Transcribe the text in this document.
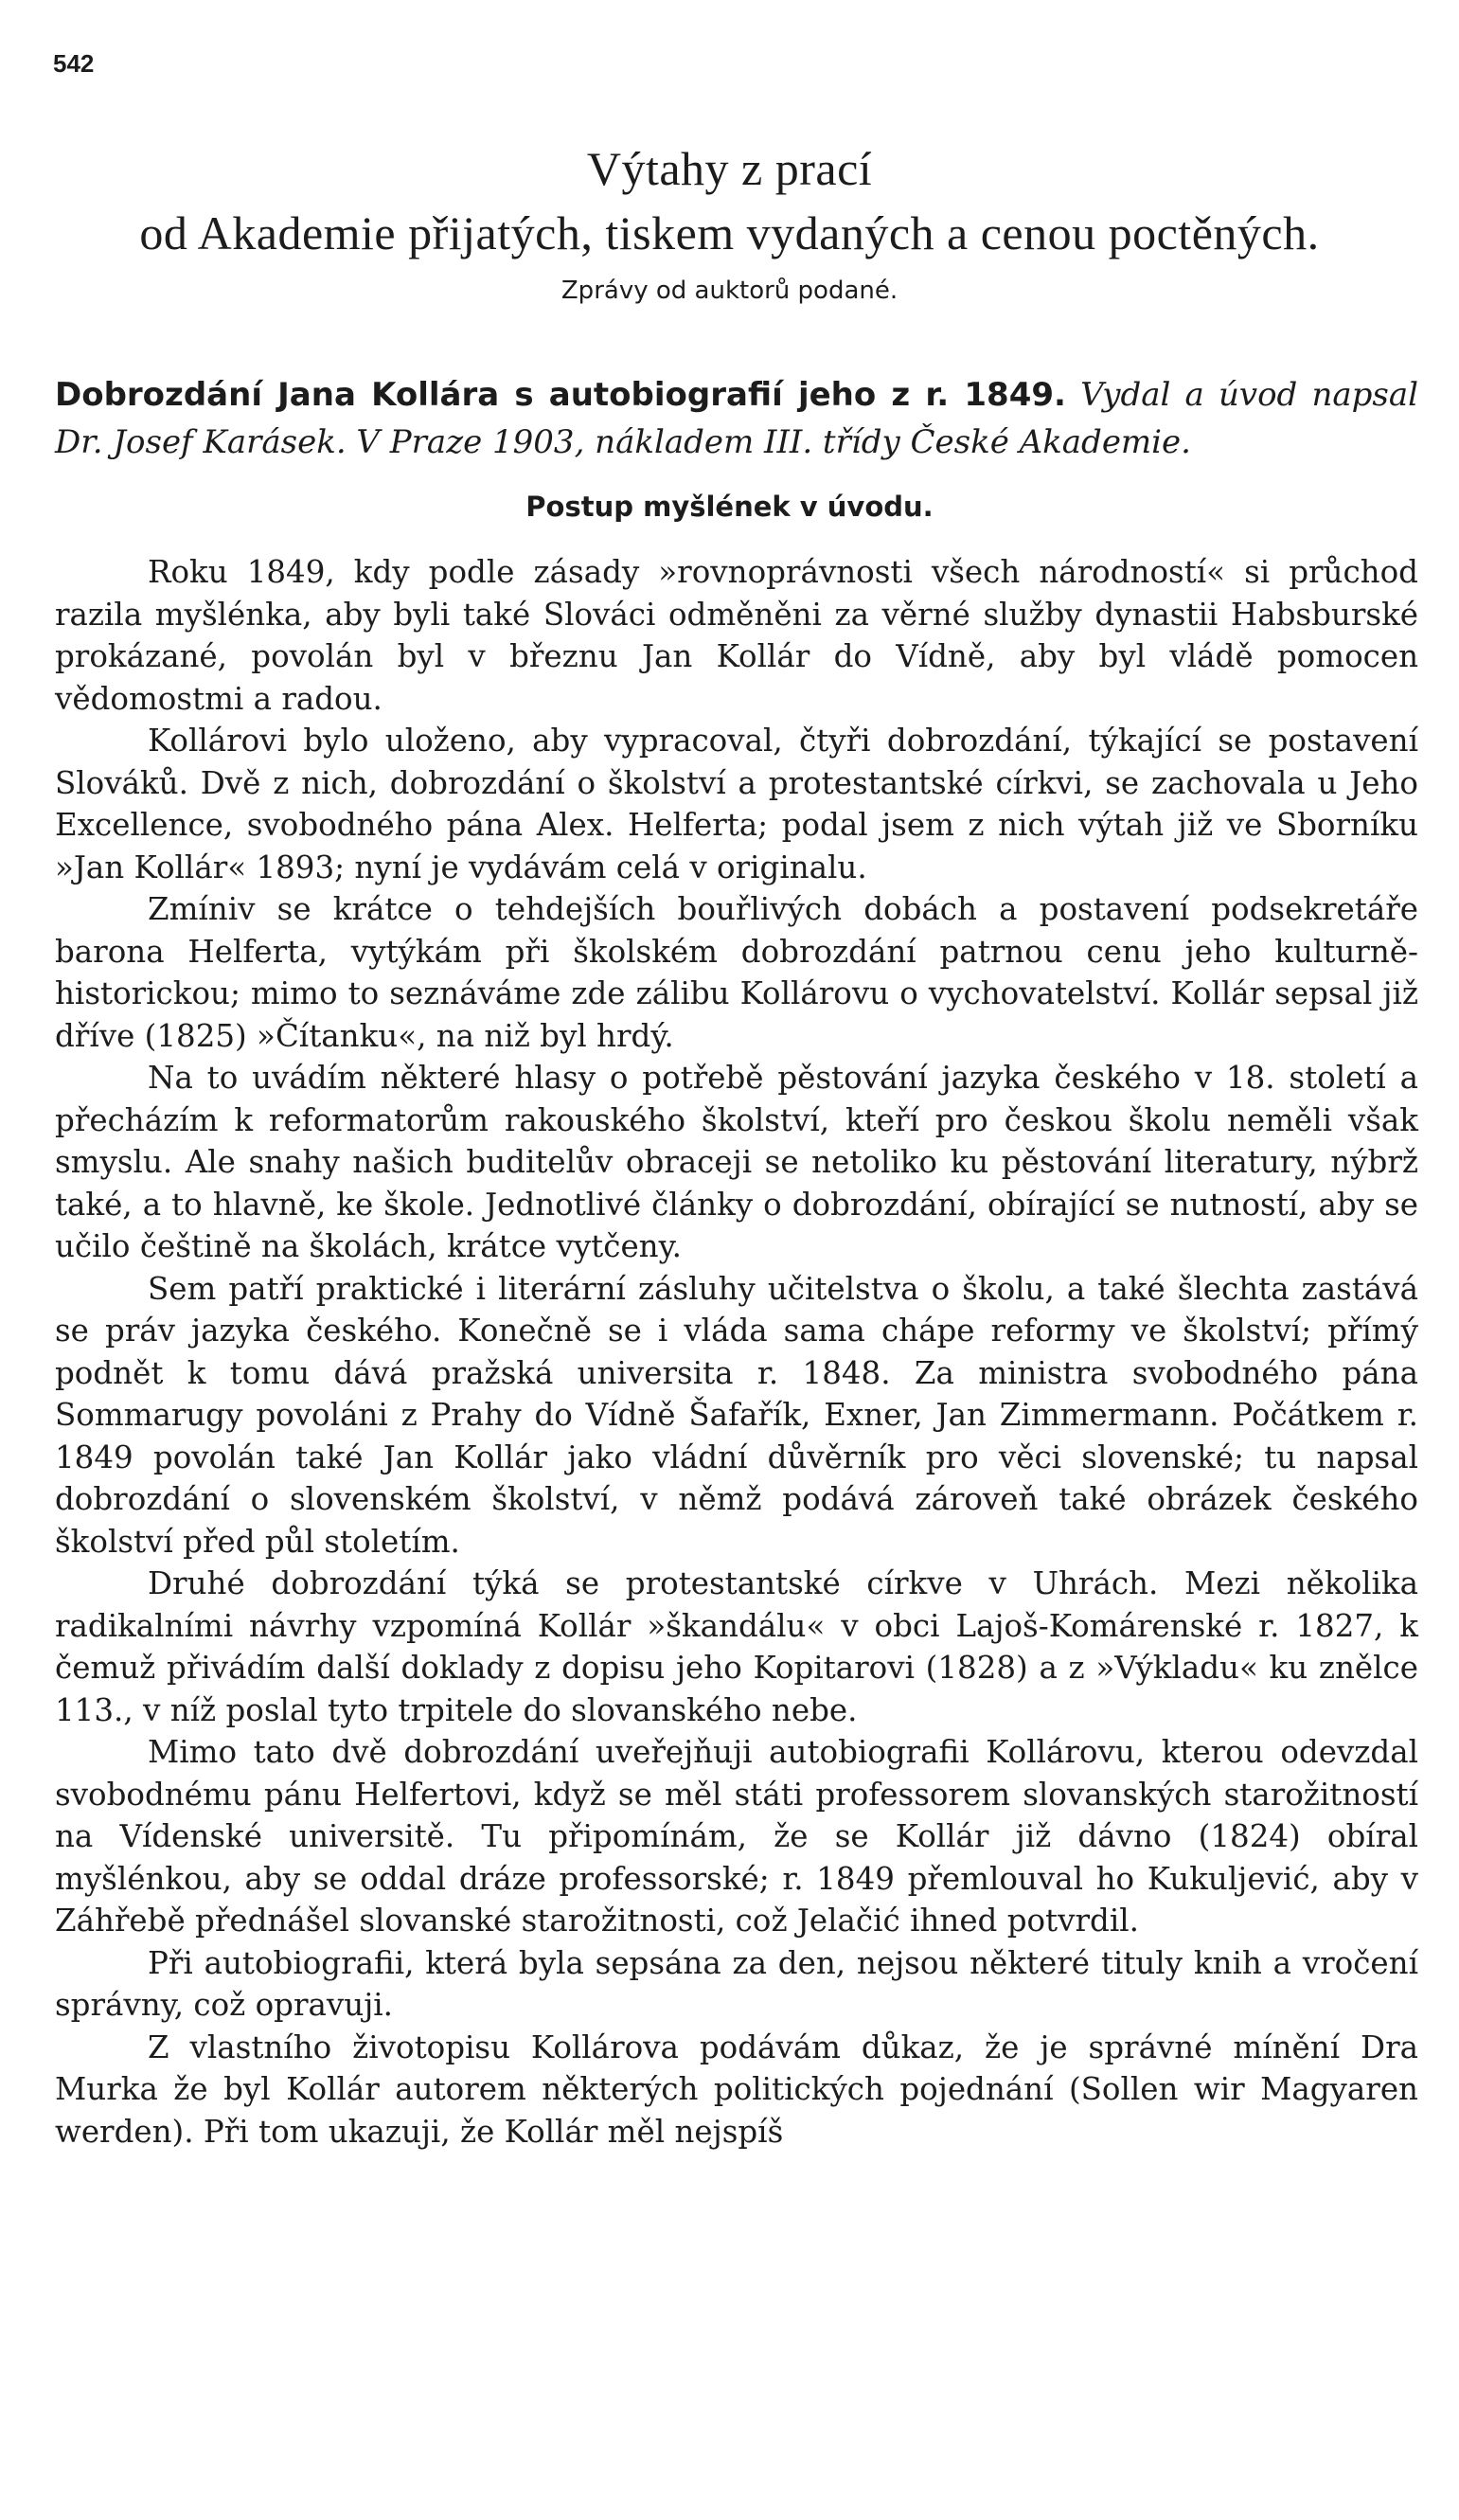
542
Výtahy z prací
od Akademie přijatých, tiskem vydaných a cenou poctěných.
Zprávy od auktorů podané.
Dobrozdání Jana Kollára s autobiografií jeho z r. 1849. Vydal a úvod napsal Dr. Josef Karásek. V Praze 1903, nákladem III. třídy České Akademie.
Postup myšlének v úvodu.

Roku 1849, kdy podle zásady »rovnoprávnosti všech národností« si průchod razila myšlénka, aby byli také Slováci odměněni za věrné služby dynastii Habsburské prokázané, povolán byl v březnu Jan Kollár do Vídně, aby byl vládě pomocen vědomostmi a radou.

Kollárovi bylo uloženo, aby vypracoval, čtyři dobrozdání, týkající se postavení Slováků. Dvě z nich, dobrozdání o školství a protestantské církvi, se zachovala u Jeho Excellence, svobodného pána Alex. Helferta; podal jsem z nich výtah již ve Sborníku »Jan Kollár« 1893; nyní je vydávám celá v originalu.

Zmíniv se krátce o tehdejších bouřlivých dobách a postavení podsekretáře barona Helferta, vytýkám při školském dobrozdání patrnou cenu jeho kulturně-historickou; mimo to seznáváme zde zálibu Kollárovu o vychovatelství. Kollár sepsal již dříve (1825) »Čítanku«, na niž byl hrdý.

Na to uvádím některé hlasy o potřebě pěstování jazyka českého v 18. století a přecházím k reformatorům rakouského školství, kteří pro českou školu neměli však smyslu. Ale snahy našich buditelův obraceji se netoliko ku pěstování literatury, nýbrž také, a to hlavně, ke škole. Jednotlivé články o dobrozdání, obírající se nutností, aby se učilo češtině na školách, krátce vytčeny.

Sem patří praktické i literární zásluhy učitelstva o školu, a také šlechta zastává se práv jazyka českého. Konečně se i vláda sama chápe reformy ve školství; přímý podnět k tomu dává pražská universita r. 1848. Za ministra svobodného pána Sommarugy povoláni z Prahy do Vídně Šafařík, Exner, Jan Zimmermann. Počátkem r. 1849 povolán také Jan Kollár jako vládní důvěrník pro věci slovenské; tu napsal dobrozdání o slovenském školství, v němž podává zároveň také obrázek českého školství před půl stoletím.

Druhé dobrozdání týká se protestantské církve v Uhrách. Mezi několika radikalními návrhy vzpomíná Kollár »škandálu« v obci Lajoš-Komárenské r. 1827, k čemuž přivádím další doklady z dopisu jeho Kopitarovi (1828) a z »Výkladu« ku znělce 113., v níž poslal tyto trpitele do slovanského nebe.

Mimo tato dvě dobrozdání uveřejňuji autobiografii Kollárovu, kterou odevzdal svobodnému pánu Helfertovi, když se měl státi professorem slovanských starožitností na Vídenské universitě. Tu připomínám, že se Kollár již dávno (1824) obíral myšlénkou, aby se oddal dráze professorské; r. 1849 přemlouval ho Kukuljević, aby v Záhřebě přednášel slovanské starožitnosti, což Jelačić ihned potvrdil.

Při autobiografii, která byla sepsána za den, nejsou některé tituly knih a vročení správny, což opravuji.

Z vlastního životopisu Kollárova podávám důkaz, že je správné mínění Dra Murka že byl Kollár autorem některých politických pojednání (Sollen wir Magyaren werden). Při tom ukazuji, že Kollár měl nejspíš
